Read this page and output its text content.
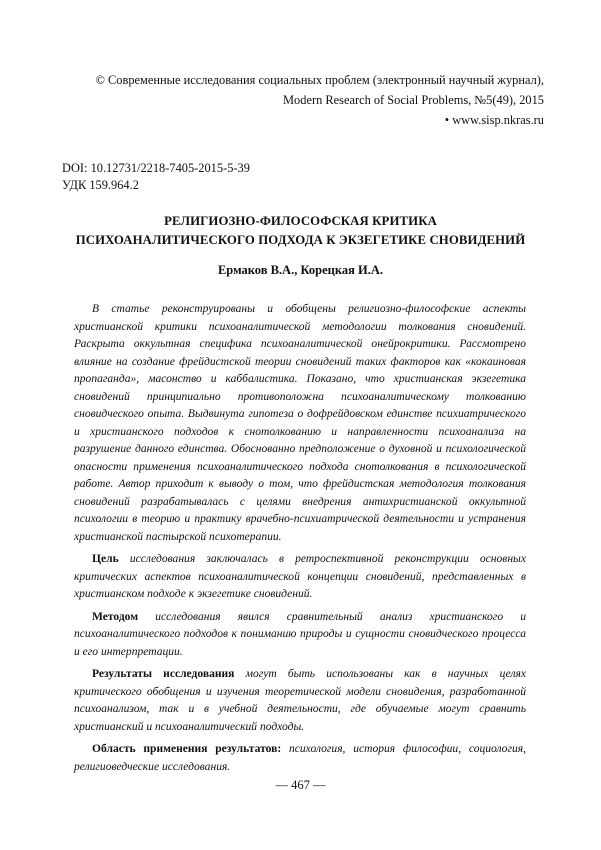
© Современные исследования социальных проблем (электронный научный журнал),
Modern Research of Social Problems, №5(49), 2015
• www.sisp.nkras.ru
DOI: 10.12731/2218-7405-2015-5-39
УДК 159.964.2
РЕЛИГИОЗНО-ФИЛОСОФСКАЯ КРИТИКА
ПСИХОАНАЛИТИЧЕСКОГО ПОДХОДА К ЭКЗЕГЕТИКЕ СНОВИДЕНИЙ
Ермаков В.А., Корецкая И.А.

В статье реконструированы и обобщены религиозно-философские аспекты христианской критики психоаналитической методологии толкования сновидений. Раскрыта оккультная специфика психоаналитической онейрокритики. Рассмотрено влияние на создание фрейдистской теории сновидений таких факторов как «кокаиновая пропаганда», масонство и каббалистика. Показано, что христианская экзегетика сновидений принципиально противоположна психоаналитическому толкованию сновидческого опыта. Выдвинута гипотеза о дофрейдовском единстве психиатрического и христианского подходов к снотолкованию и направленности психоанализа на разрушение данного единства. Обоснованно предположение о духовной и психологической опасности применения психоаналитического подхода снотолкования в психологической работе. Автор приходит к выводу о том, что фрейдистская методология толкования сновидений разрабатывалась с целями внедрения антихристианской оккультной психологии в теорию и практику врачебно-психиатрической деятельности и устранения христианской пастырской психотерапии.

Цель исследования заключалась в ретроспективной реконструкции основных критических аспектов психоаналитической концепции сновидений, представленных в христианском подходе к экзегетике сновидений.

Методом исследования явился сравнительный анализ христианского и психоаналитического подходов к пониманию природы и сущности сновидческого процесса и его интерпретации.

Результаты исследования могут быть использованы как в научных целях критического обобщения и изучения теоретической модели сновидения, разработанной психоанализом, так и в учебной деятельности, где обучаемые могут сравнить христианский и психоаналитический подходы.

Область применения результатов: психология, история философии, социология, религиоведческие исследования.

— 467 —
